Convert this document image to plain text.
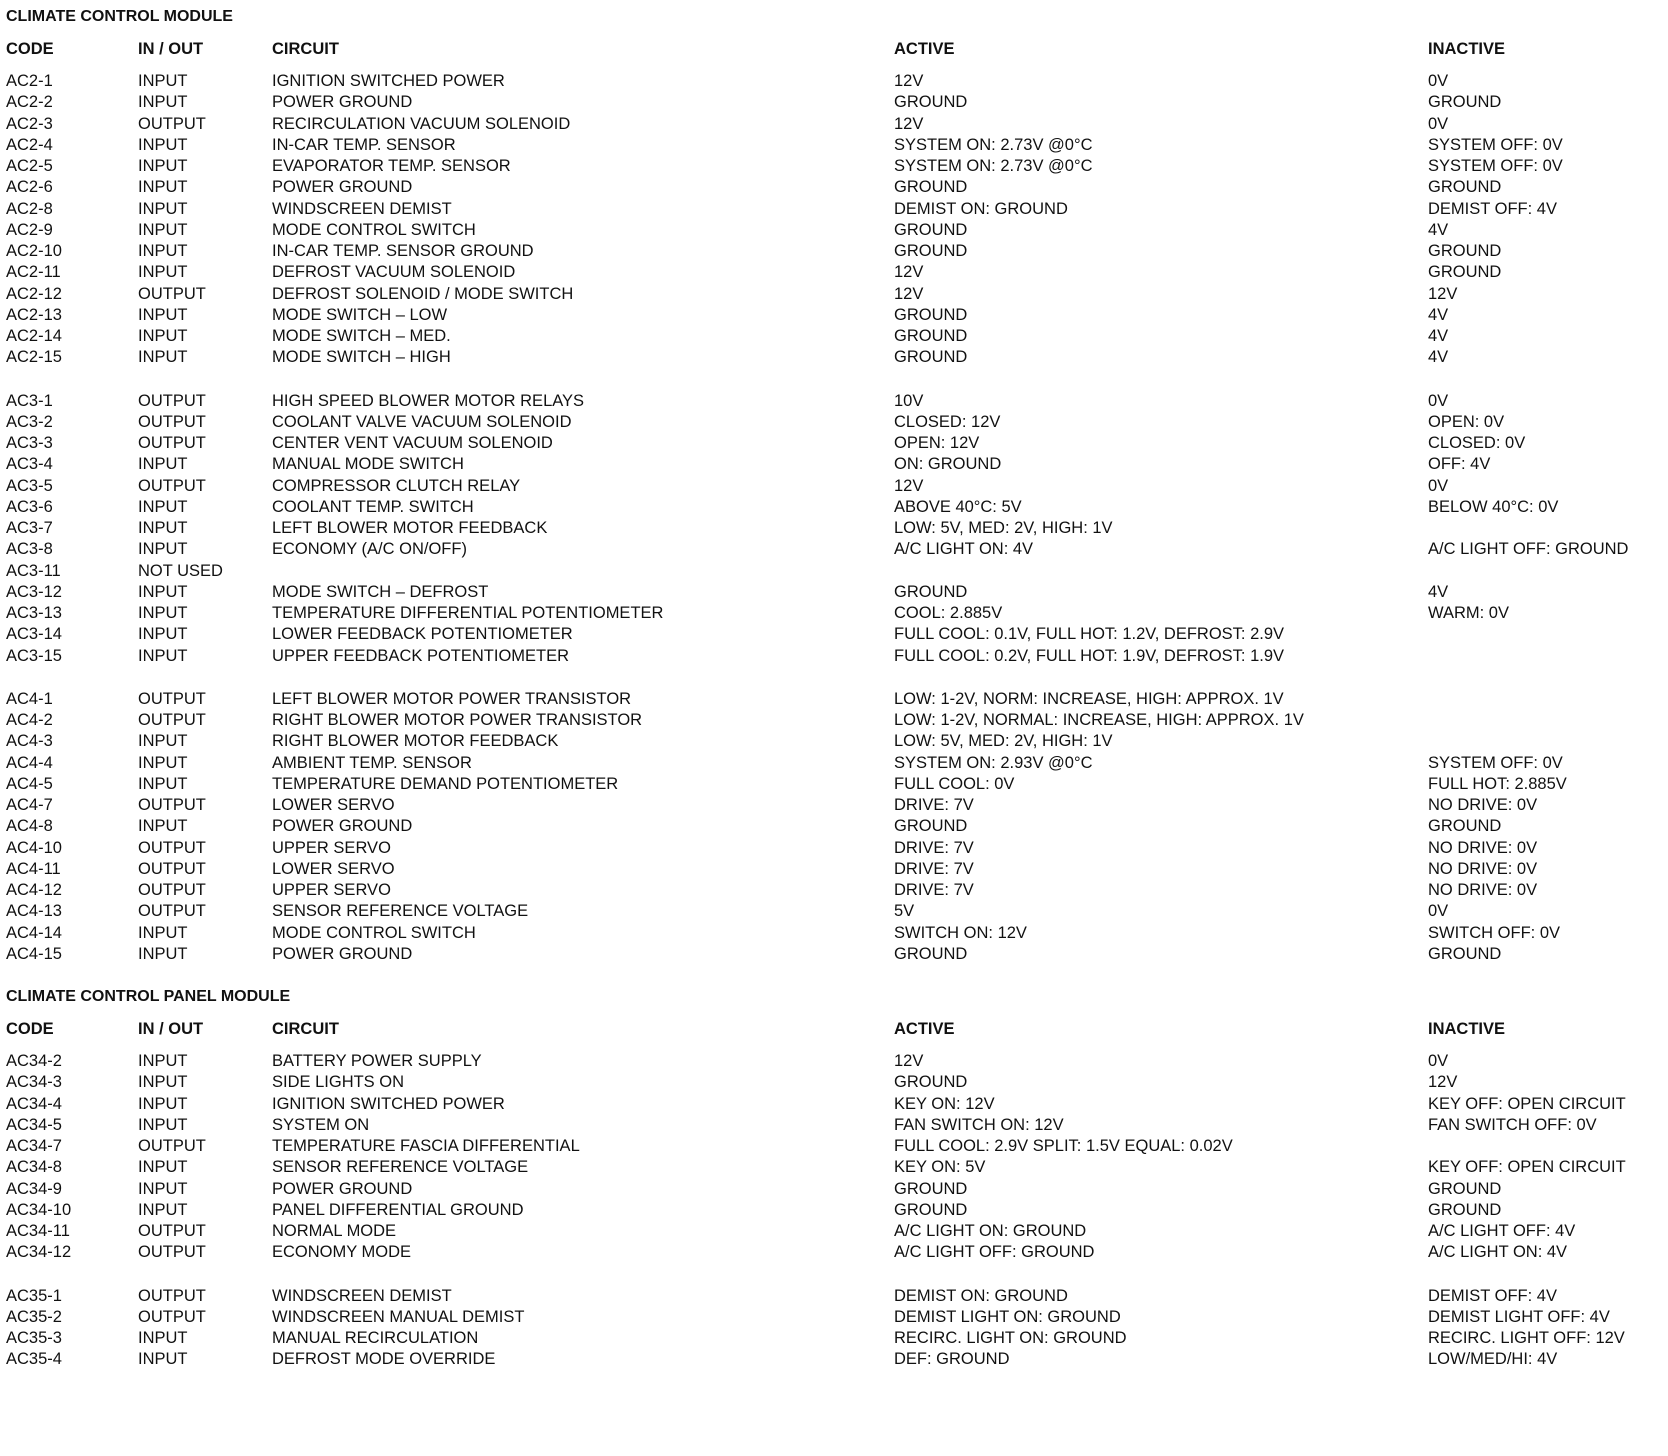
CLIMATE CONTROL MODULE
CODE	IN / OUT	CIRCUIT	ACTIVE	INACTIVE
AC2-1	INPUT	IGNITION SWITCHED POWER	12V	0V
AC2-2	INPUT	POWER GROUND	GROUND	GROUND
AC2-3	OUTPUT	RECIRCULATION VACUUM SOLENOID	12V	0V
AC2-4	INPUT	IN-CAR TEMP. SENSOR	SYSTEM ON: 2.73V @0°C	SYSTEM OFF: 0V
AC2-5	INPUT	EVAPORATOR TEMP. SENSOR	SYSTEM ON: 2.73V @0°C	SYSTEM OFF: 0V
AC2-6	INPUT	POWER GROUND	GROUND	GROUND
AC2-8	INPUT	WINDSCREEN DEMIST	DEMIST ON: GROUND	DEMIST OFF: 4V
AC2-9	INPUT	MODE CONTROL SWITCH	GROUND	4V
AC2-10	INPUT	IN-CAR TEMP. SENSOR GROUND	GROUND	GROUND
AC2-11	INPUT	DEFROST VACUUM SOLENOID	12V	GROUND
AC2-12	OUTPUT	DEFROST SOLENOID / MODE SWITCH	12V	12V
AC2-13	INPUT	MODE SWITCH – LOW	GROUND	4V
AC2-14	INPUT	MODE SWITCH – MED.	GROUND	4V
AC2-15	INPUT	MODE SWITCH – HIGH	GROUND	4V
AC3-1	OUTPUT	HIGH SPEED BLOWER MOTOR RELAYS	10V	0V
AC3-2	OUTPUT	COOLANT VALVE VACUUM SOLENOID	CLOSED: 12V	OPEN: 0V
AC3-3	OUTPUT	CENTER VENT VACUUM SOLENOID	OPEN: 12V	CLOSED: 0V
AC3-4	INPUT	MANUAL MODE SWITCH	ON: GROUND	OFF: 4V
AC3-5	OUTPUT	COMPRESSOR CLUTCH RELAY	12V	0V
AC3-6	INPUT	COOLANT TEMP. SWITCH	ABOVE 40°C: 5V	BELOW 40°C: 0V
AC3-7	INPUT	LEFT BLOWER MOTOR FEEDBACK	LOW: 5V, MED: 2V, HIGH: 1V
AC3-8	INPUT	ECONOMY (A/C ON/OFF)	A/C LIGHT ON: 4V	A/C LIGHT OFF: GROUND
AC3-11	NOT USED
AC3-12	INPUT	MODE SWITCH – DEFROST	GROUND	4V
AC3-13	INPUT	TEMPERATURE DIFFERENTIAL POTENTIOMETER	COOL: 2.885V	WARM: 0V
AC3-14	INPUT	LOWER FEEDBACK POTENTIOMETER	FULL COOL: 0.1V, FULL HOT: 1.2V, DEFROST: 2.9V
AC3-15	INPUT	UPPER FEEDBACK POTENTIOMETER	FULL COOL: 0.2V, FULL HOT: 1.9V, DEFROST: 1.9V
AC4-1	OUTPUT	LEFT BLOWER MOTOR POWER TRANSISTOR	LOW: 1-2V, NORM: INCREASE, HIGH: APPROX. 1V
AC4-2	OUTPUT	RIGHT BLOWER MOTOR POWER TRANSISTOR	LOW: 1-2V, NORMAL: INCREASE, HIGH: APPROX. 1V
AC4-3	INPUT	RIGHT BLOWER MOTOR FEEDBACK	LOW: 5V, MED: 2V, HIGH: 1V
AC4-4	INPUT	AMBIENT TEMP. SENSOR	SYSTEM ON: 2.93V @0°C	SYSTEM OFF: 0V
AC4-5	INPUT	TEMPERATURE DEMAND POTENTIOMETER	FULL COOL: 0V	FULL HOT: 2.885V
AC4-7	OUTPUT	LOWER SERVO	DRIVE: 7V	NO DRIVE: 0V
AC4-8	INPUT	POWER GROUND	GROUND	GROUND
AC4-10	OUTPUT	UPPER SERVO	DRIVE: 7V	NO DRIVE: 0V
AC4-11	OUTPUT	LOWER SERVO	DRIVE: 7V	NO DRIVE: 0V
AC4-12	OUTPUT	UPPER SERVO	DRIVE: 7V	NO DRIVE: 0V
AC4-13	OUTPUT	SENSOR REFERENCE VOLTAGE	5V	0V
AC4-14	INPUT	MODE CONTROL SWITCH	SWITCH ON: 12V	SWITCH OFF: 0V
AC4-15	INPUT	POWER GROUND	GROUND	GROUND
CLIMATE CONTROL PANEL MODULE
CODE	IN / OUT	CIRCUIT	ACTIVE	INACTIVE
AC34-2	INPUT	BATTERY POWER SUPPLY	12V	0V
AC34-3	INPUT	SIDE LIGHTS ON	GROUND	12V
AC34-4	INPUT	IGNITION SWITCHED POWER	KEY ON: 12V	KEY OFF: OPEN CIRCUIT
AC34-5	INPUT	SYSTEM ON	FAN SWITCH ON: 12V	FAN SWITCH OFF: 0V
AC34-7	OUTPUT	TEMPERATURE FASCIA DIFFERENTIAL	FULL COOL: 2.9V SPLIT: 1.5V EQUAL: 0.02V
AC34-8	INPUT	SENSOR REFERENCE VOLTAGE	KEY ON: 5V	KEY OFF: OPEN CIRCUIT
AC34-9	INPUT	POWER GROUND	GROUND	GROUND
AC34-10	INPUT	PANEL DIFFERENTIAL GROUND	GROUND	GROUND
AC34-11	OUTPUT	NORMAL MODE	A/C LIGHT ON: GROUND	A/C LIGHT OFF: 4V
AC34-12	OUTPUT	ECONOMY MODE	A/C LIGHT OFF: GROUND	A/C LIGHT ON: 4V
AC35-1	OUTPUT	WINDSCREEN DEMIST	DEMIST ON: GROUND	DEMIST OFF: 4V
AC35-2	OUTPUT	WINDSCREEN MANUAL DEMIST	DEMIST LIGHT ON: GROUND	DEMIST LIGHT OFF: 4V
AC35-3	INPUT	MANUAL RECIRCULATION	RECIRC. LIGHT ON: GROUND	RECIRC. LIGHT OFF: 12V
AC35-4	INPUT	DEFROST MODE OVERRIDE	DEF: GROUND	LOW/MED/HI: 4V
